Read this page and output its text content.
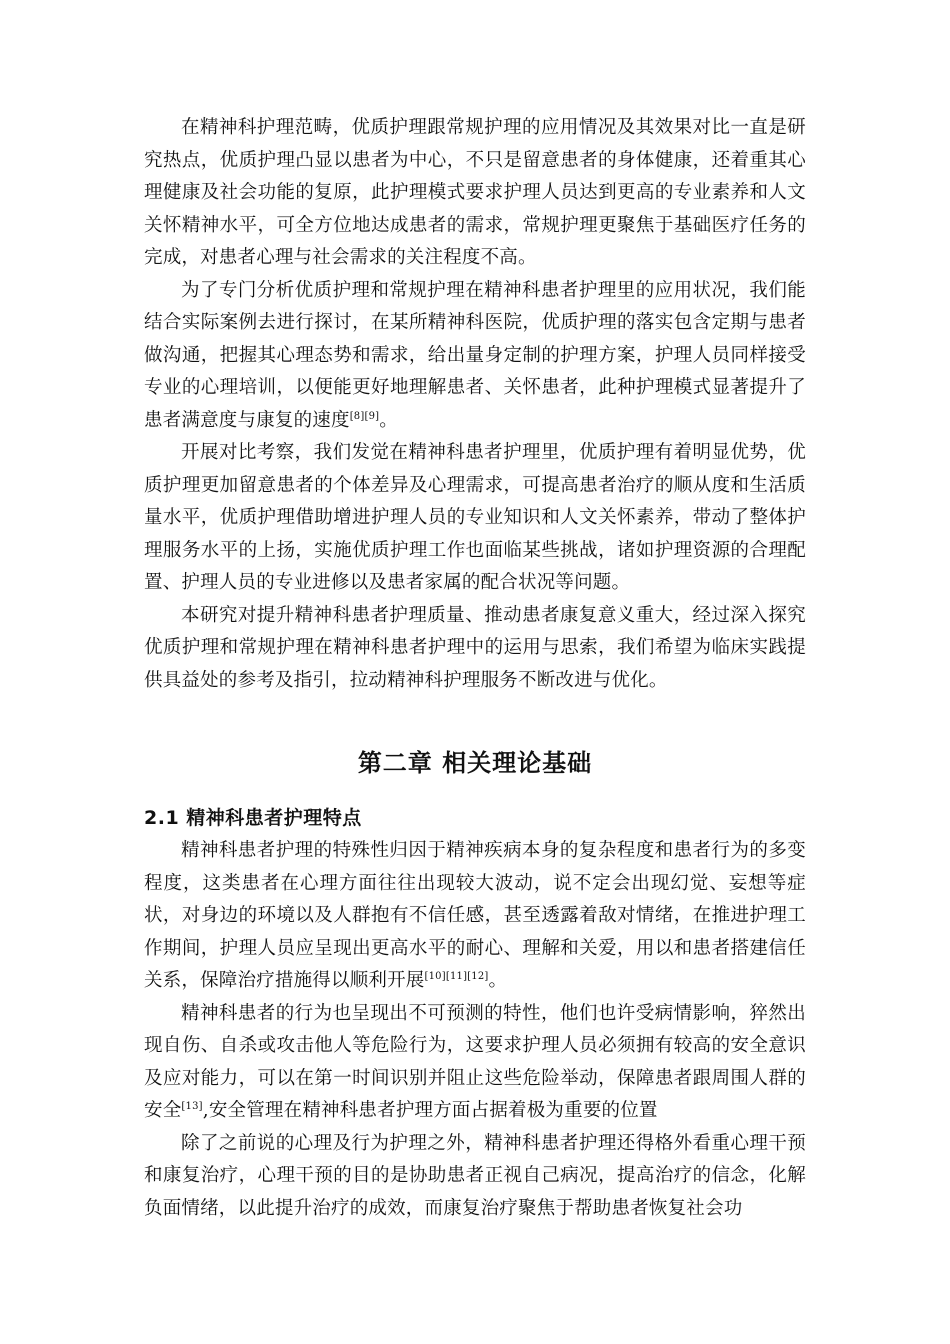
在精神科护理范畴，优质护理跟常规护理的应用情况及其效果对比一直是研究热点，优质护理凸显以患者为中心，不只是留意患者的身体健康，还着重其心理健康及社会功能的复原，此护理模式要求护理人员达到更高的专业素养和人文关怀精神水平，可全方位地达成患者的需求，常规护理更聚焦于基础医疗任务的完成，对患者心理与社会需求的关注程度不高。

为了专门分析优质护理和常规护理在精神科患者护理里的应用状况，我们能结合实际案例去进行探讨，在某所精神科医院，优质护理的落实包含定期与患者做沟通，把握其心理态势和需求，给出量身定制的护理方案，护理人员同样接受专业的心理培训，以便能更好地理解患者、关怀患者，此种护理模式显著提升了患者满意度与康复的速度[8][9]。

开展对比考察，我们发觉在精神科患者护理里，优质护理有着明显优势，优质护理更加留意患者的个体差异及心理需求，可提高患者治疗的顺从度和生活质量水平，优质护理借助增进护理人员的专业知识和人文关怀素养，带动了整体护理服务水平的上扬，实施优质护理工作也面临某些挑战，诸如护理资源的合理配置、护理人员的专业进修以及患者家属的配合状况等问题。

本研究对提升精神科患者护理质量、推动患者康复意义重大，经过深入探究优质护理和常规护理在精神科患者护理中的运用与思索，我们希望为临床实践提供具益处的参考及指引，拉动精神科护理服务不断改进与优化。

第二章 相关理论基础
2.1 精神科患者护理特点

精神科患者护理的特殊性归因于精神疾病本身的复杂程度和患者行为的多变程度，这类患者在心理方面往往出现较大波动，说不定会出现幻觉、妄想等症状，对身边的环境以及人群抱有不信任感，甚至透露着敌对情绪，在推进护理工作期间，护理人员应呈现出更高水平的耐心、理解和关爱，用以和患者搭建信任关系，保障治疗措施得以顺利开展[10][11][12]。

精神科患者的行为也呈现出不可预测的特性，他们也许受病情影响，猝然出现自伤、自杀或攻击他人等危险行为，这要求护理人员必须拥有较高的安全意识及应对能力，可以在第一时间识别并阻止这些危险举动，保障患者跟周围人群的安全[13],安全管理在精神科患者护理方面占据着极为重要的位置

除了之前说的心理及行为护理之外，精神科患者护理还得格外看重心理干预和康复治疗，心理干预的目的是协助患者正视自己病况，提高治疗的信念，化解负面情绪，以此提升治疗的成效，而康复治疗聚焦于帮助患者恢复社会功
